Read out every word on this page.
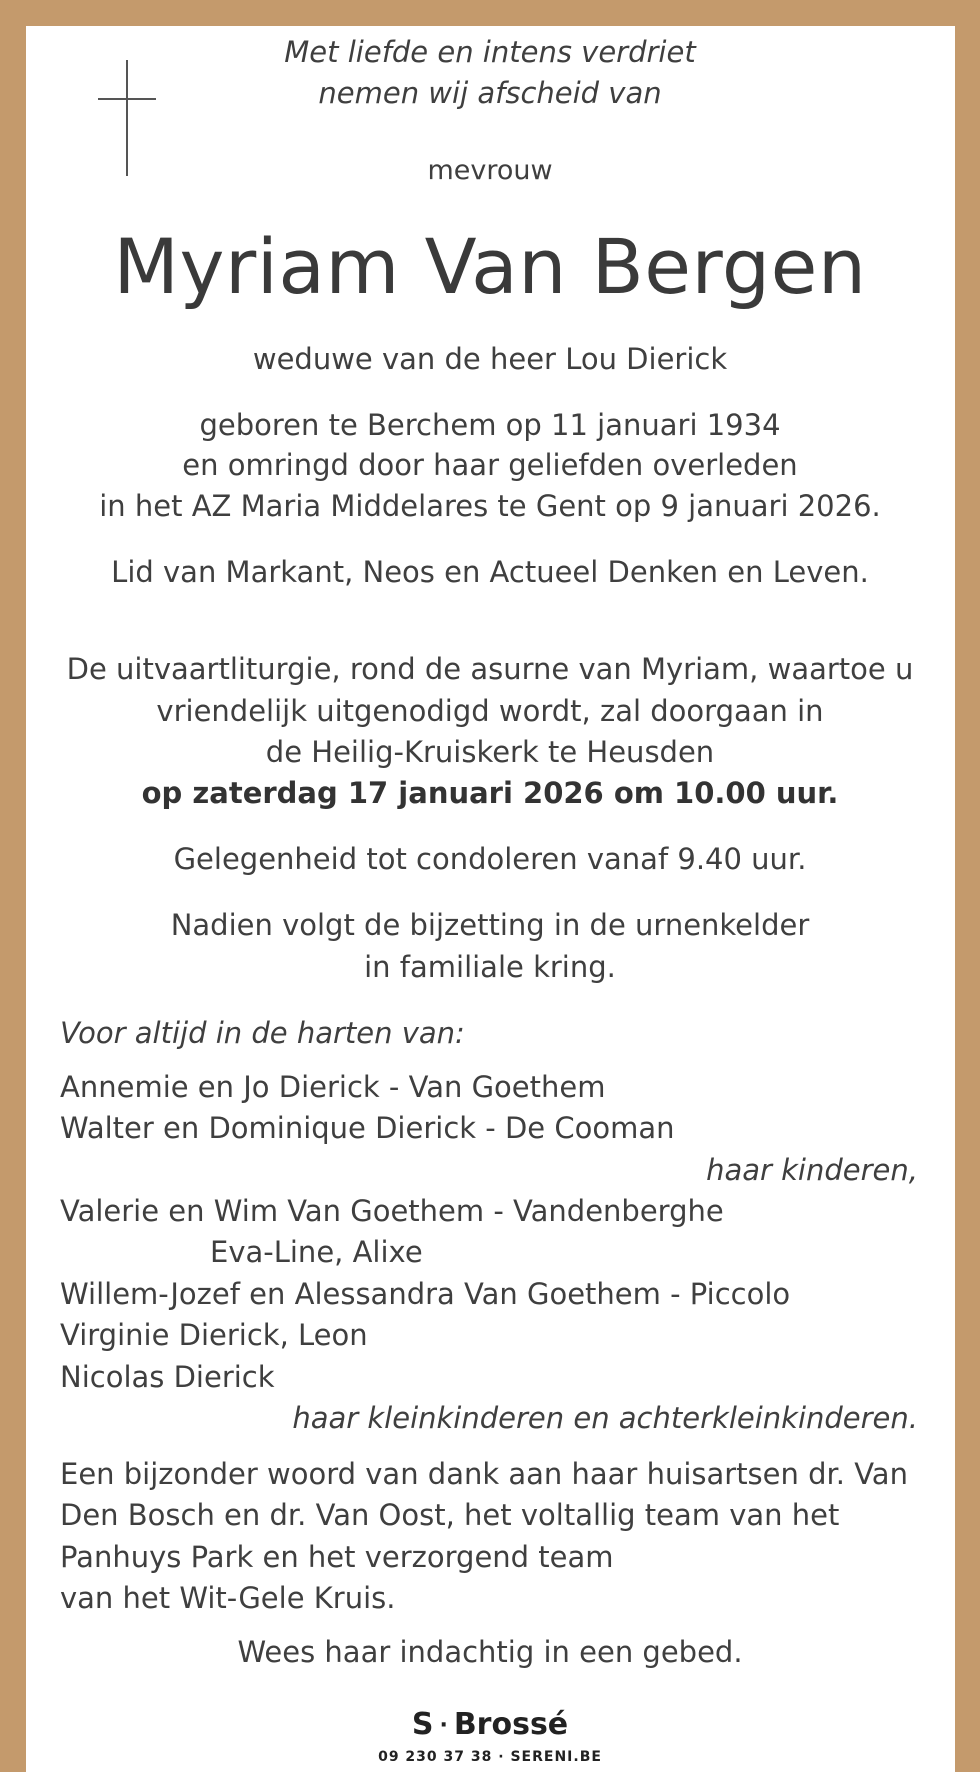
Met liefde en intens verdriet

nemen wij afscheid van

mevrouw

Myriam Van Bergen

weduwe van de heer Lou Dierick

geboren te Berchem op 11 januari 1934

en omringd door haar geliefden overleden

in het AZ Maria Middelares te Gent op 9 januari 2026.

Lid van Markant, Neos en Actueel Denken en Leven.

De uitvaartliturgie, rond de asurne van Myriam, waartoe u

vriendelijk uitgenodigd wordt, zal doorgaan in

de Heilig-Kruiskerk te Heusden

op zaterdag 17 januari 2026 om 10.00 uur.

Gelegenheid tot condoleren vanaf 9.40 uur.

Nadien volgt de bijzetting in de urnenkelder

in familiale kring.

Voor altijd in de harten van:

Annemie en Jo Dierick - Van Goethem

Walter en Dominique Dierick - De Cooman

haar kinderen,

Valerie en Wim Van Goethem - Vandenberghe

Eva-Line, Alixe

Willem-Jozef en Alessandra Van Goethem - Piccolo

Virginie Dierick, Leon

Nicolas Dierick

haar kleinkinderen en achterkleinkinderen.

Een bijzonder woord van dank aan haar huisartsen dr. Van

Den Bosch en dr. Van Oost, het voltallig team van het

Panhuys Park en het verzorgend team

van het Wit-Gele Kruis.

Wees haar indachtig in een gebed.

S · Brossé
09 230 37 38 · SERENI.BE
